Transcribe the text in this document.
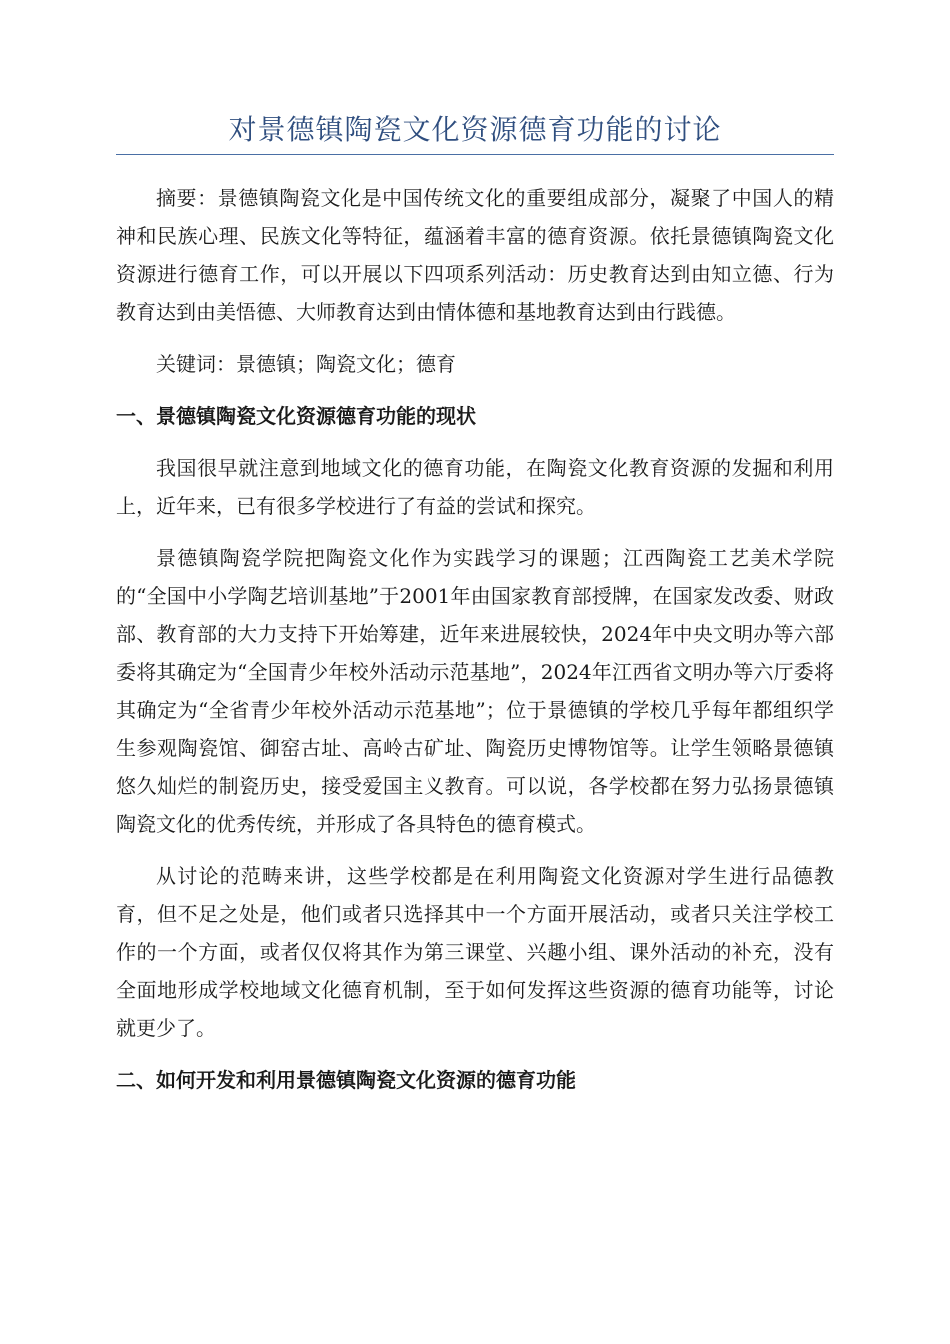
对景德镇陶瓷文化资源德育功能的讨论

摘要：景德镇陶瓷文化是中国传统文化的重要组成部分，凝聚了中国人的精神和民族心理、民族文化等特征，蕴涵着丰富的德育资源。依托景德镇陶瓷文化资源进行德育工作，可以开展以下四项系列活动：历史教育达到由知立德、行为教育达到由美悟德、大师教育达到由情体德和基地教育达到由行践德。

关键词：景德镇；陶瓷文化；德育

一、景德镇陶瓷文化资源德育功能的现状

我国很早就注意到地域文化的德育功能，在陶瓷文化教育资源的发掘和利用上，近年来，已有很多学校进行了有益的尝试和探究。

景德镇陶瓷学院把陶瓷文化作为实践学习的课题；江西陶瓷工艺美术学院的“全国中小学陶艺培训基地”于2001年由国家教育部授牌，在国家发改委、财政部、教育部的大力支持下开始筹建，近年来进展较快，2024年中央文明办等六部委将其确定为“全国青少年校外活动示范基地”，2024年江西省文明办等六厅委将其确定为“全省青少年校外活动示范基地”；位于景德镇的学校几乎每年都组织学生参观陶瓷馆、御窑古址、高岭古矿址、陶瓷历史博物馆等。让学生领略景德镇悠久灿烂的制瓷历史，接受爱国主义教育。可以说，各学校都在努力弘扬景德镇陶瓷文化的优秀传统，并形成了各具特色的德育模式。

从讨论的范畴来讲，这些学校都是在利用陶瓷文化资源对学生进行品德教育，但不足之处是，他们或者只选择其中一个方面开展活动，或者只关注学校工作的一个方面，或者仅仅将其作为第三课堂、兴趣小组、课外活动的补充，没有全面地形成学校地域文化德育机制，至于如何发挥这些资源的德育功能等，讨论就更少了。

二、如何开发和利用景德镇陶瓷文化资源的德育功能
